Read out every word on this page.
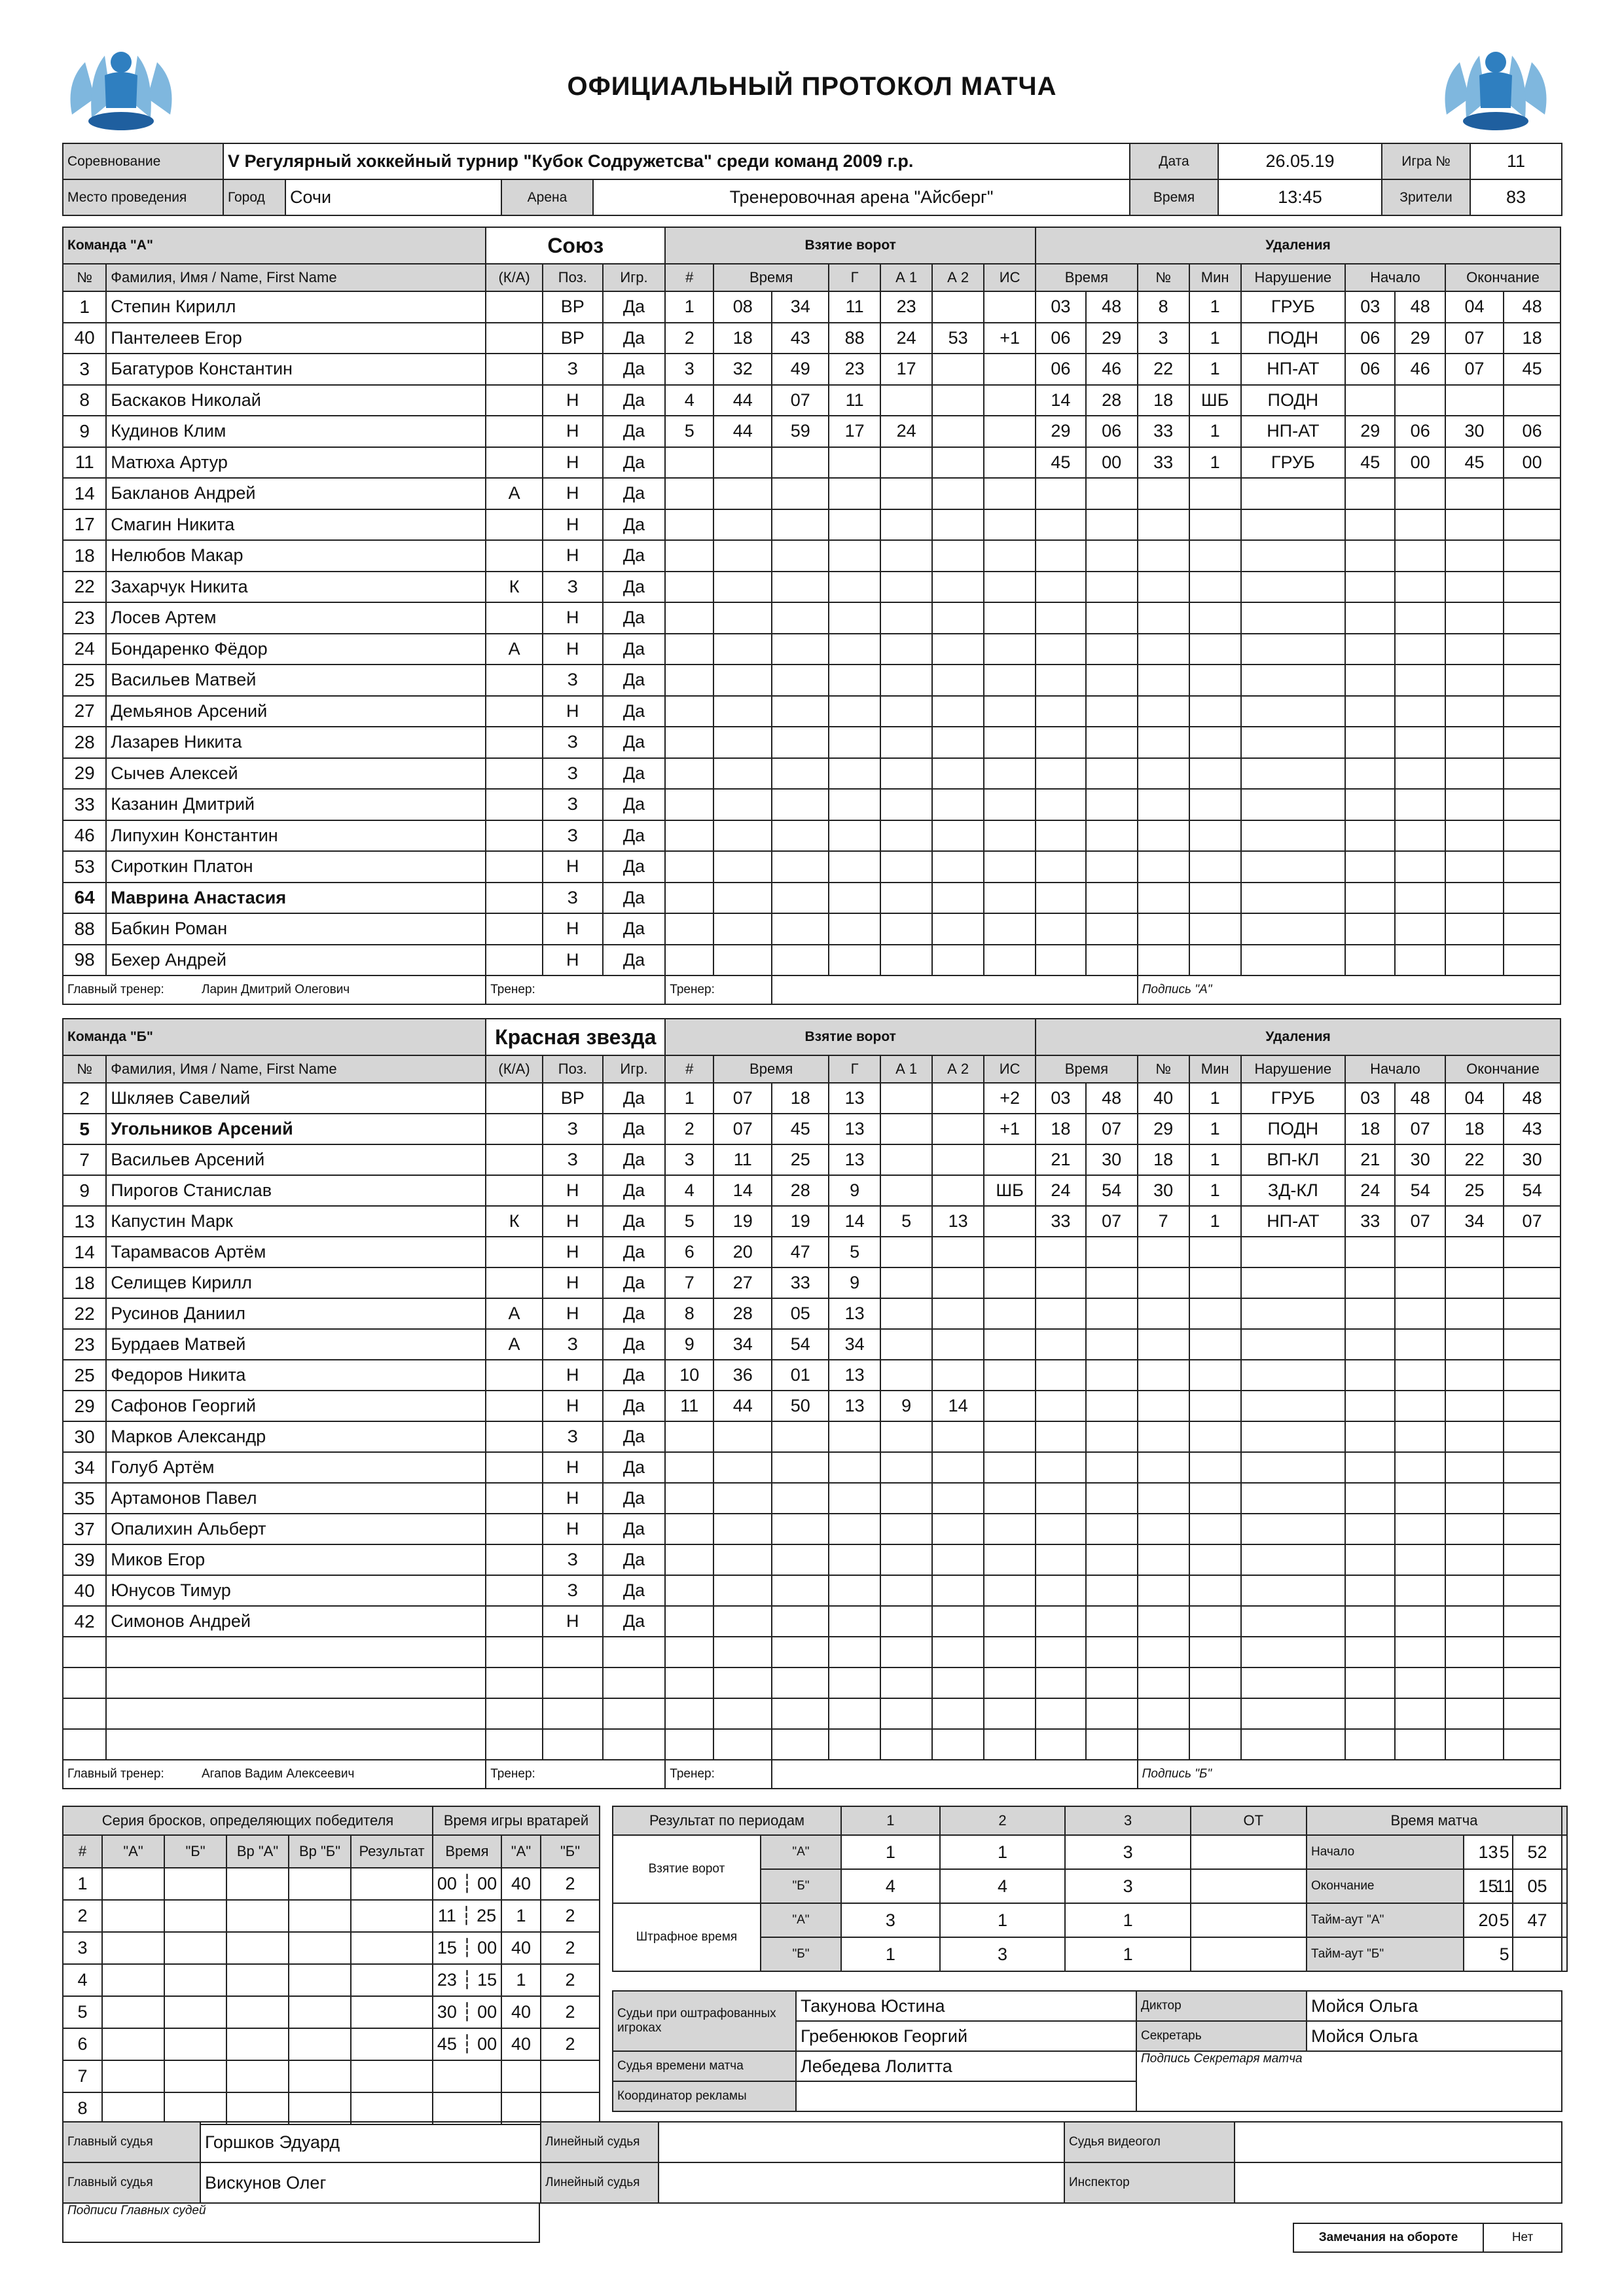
ОФИЦИАЛЬНЫЙ ПРОТОКОЛ МАТЧА
Соревнование	V Регулярный хоккейный турнир "Кубок Содружетсва" среди команд 2009 г.р.	Дата	26.05.19	Игра №	11
Место проведения	Город	Сочи	Арена	Тренеровочная арена "Айсберг"	Время	13:45	Зрители	83
Команда "А"		Союз			Взятие ворот							Удаления								
№	Фамилия, Имя / Name, First Name	(К/А)	Поз.	Игр.	#	Время		Г	А 1	А 2	ИС	Время		№	Мин	Нарушение	Начало		Окончание	
1	Степин Кирилл		ВР	Да	1	08	34	11	23			03	48	8	1	ГРУБ	03	48	04	48
40	Пантелеев Егор		ВР	Да	2	18	43	88	24	53	+1	06	29	3	1	ПОДН	06	29	07	18
3	Багатуров Константин		З	Да	3	32	49	23	17			06	46	22	1	НП-АТ	06	46	07	45
8	Баскаков Николай		Н	Да	4	44	07	11				14	28	18	ШБ	ПОДН				
9	Кудинов Клим		Н	Да	5	44	59	17	24			29	06	33	1	НП-АТ	29	06	30	06
11	Матюха Артур		Н	Да								45	00	33	1	ГРУБ	45	00	45	00
14	Бакланов Андрей	А	Н	Да																
17	Смагин Никита		Н	Да																
18	Нелюбов Макар		Н	Да																
22	Захарчук Никита	К	З	Да																
23	Лосев Артем		Н	Да																
24	Бондаренко Фёдор	А	Н	Да																
25	Васильев Матвей		З	Да																
27	Демьянов Арсений		Н	Да																
28	Лазарев Никита		З	Да																
29	Сычев Алексей		З	Да																
33	Казанин Дмитрий		З	Да																
46	Липухин Константин		З	Да																
53	Сироткин Платон		Н	Да																
64	Маврина Анастасия		З	Да																
88	Бабкин Роман		Н	Да																
98	Бехер Андрей		Н	Да																
Главный тренер: Ларин Дмитрий Олегович		Тренер:			Тренер:									Подпись "А"						
Команда "Б"		Красная звезда			Взятие ворот							Удаления								
№	Фамилия, Имя / Name, First Name	(К/А)	Поз.	Игр.	#	Время		Г	А 1	А 2	ИС	Время		№	Мин	Нарушение	Начало		Окончание	
2	Шкляев Савелий		ВР	Да	1	07	18	13			+2	03	48	40	1	ГРУБ	03	48	04	48
5	Угольников Арсений		З	Да	2	07	45	13			+1	18	07	29	1	ПОДН	18	07	18	43
7	Васильев Арсений		З	Да	3	11	25	13				21	30	18	1	ВП-КЛ	21	30	22	30
9	Пирогов Станислав		Н	Да	4	14	28	9			ШБ	24	54	30	1	ЗД-КЛ	24	54	25	54
13	Капустин Марк	К	Н	Да	5	19	19	14	5	13		33	07	7	1	НП-АТ	33	07	34	07
14	Тарамвасов Артём		Н	Да	6	20	47	5												
18	Селищев Кирилл		Н	Да	7	27	33	9												
22	Русинов Даниил	А	Н	Да	8	28	05	13												
23	Бурдаев Матвей	А	З	Да	9	34	54	34												
25	Федоров Никита		Н	Да	10	36	01	13												
29	Сафонов Георгий		Н	Да	11	44	50	13	9	14										
30	Марков Александр		З	Да																
34	Голуб Артём		Н	Да																
35	Артамонов Павел		Н	Да																
37	Опалихин Альберт		Н	Да																
39	Миков Егор		З	Да																
40	Юнусов Тимур		З	Да																
42	Симонов Андрей		Н	Да																

Главный тренер: Агапов Вадим Алексеевич		Тренер:			Тренер:									Подпись "Б"						
Серия бросков, определяющих победителя						Время игры вратарей		
#	"А"	"Б"	Вр "А"	Вр "Б"	Результат	Время	"А"	"Б"
1						00 ┆ 00	40	2
2						11 ┆ 25	1	2
3						15 ┆ 00	40	2
4						23 ┆ 15	1	2
5						30 ┆ 00	40	2
6						45 ┆ 00	40	2
7								
8								
Результат по периодам		1	2	3	ОТ		
Взятие ворот	"А"	1	1	3			5
	"Б"	4	4	3			11
Штрафное время	"А"	3	1	1			5
	"Б"	1	3	1			5
Время матча		
Начало	13	52
Окончание	15	05
Тайм-аут "А"	20	47
Тайм-аут "Б"		
Судьи при оштрафованных игроках	Такунова Юстина
	Гребенюков Георгий
Судья времени матча	Лебедева Лолитта
Координатор рекламы	
Диктор	Мойся Ольга
Секретарь	Мойся Ольга
Подпись Секретаря матча	
Главный судья	Горшков Эдуард	Линейный судья		Судья видеогол	
Главный судья	Вискунов Олег	Линейный судья		Инспектор	
Подписи Главных судей
Замечания на обороте	Нет
